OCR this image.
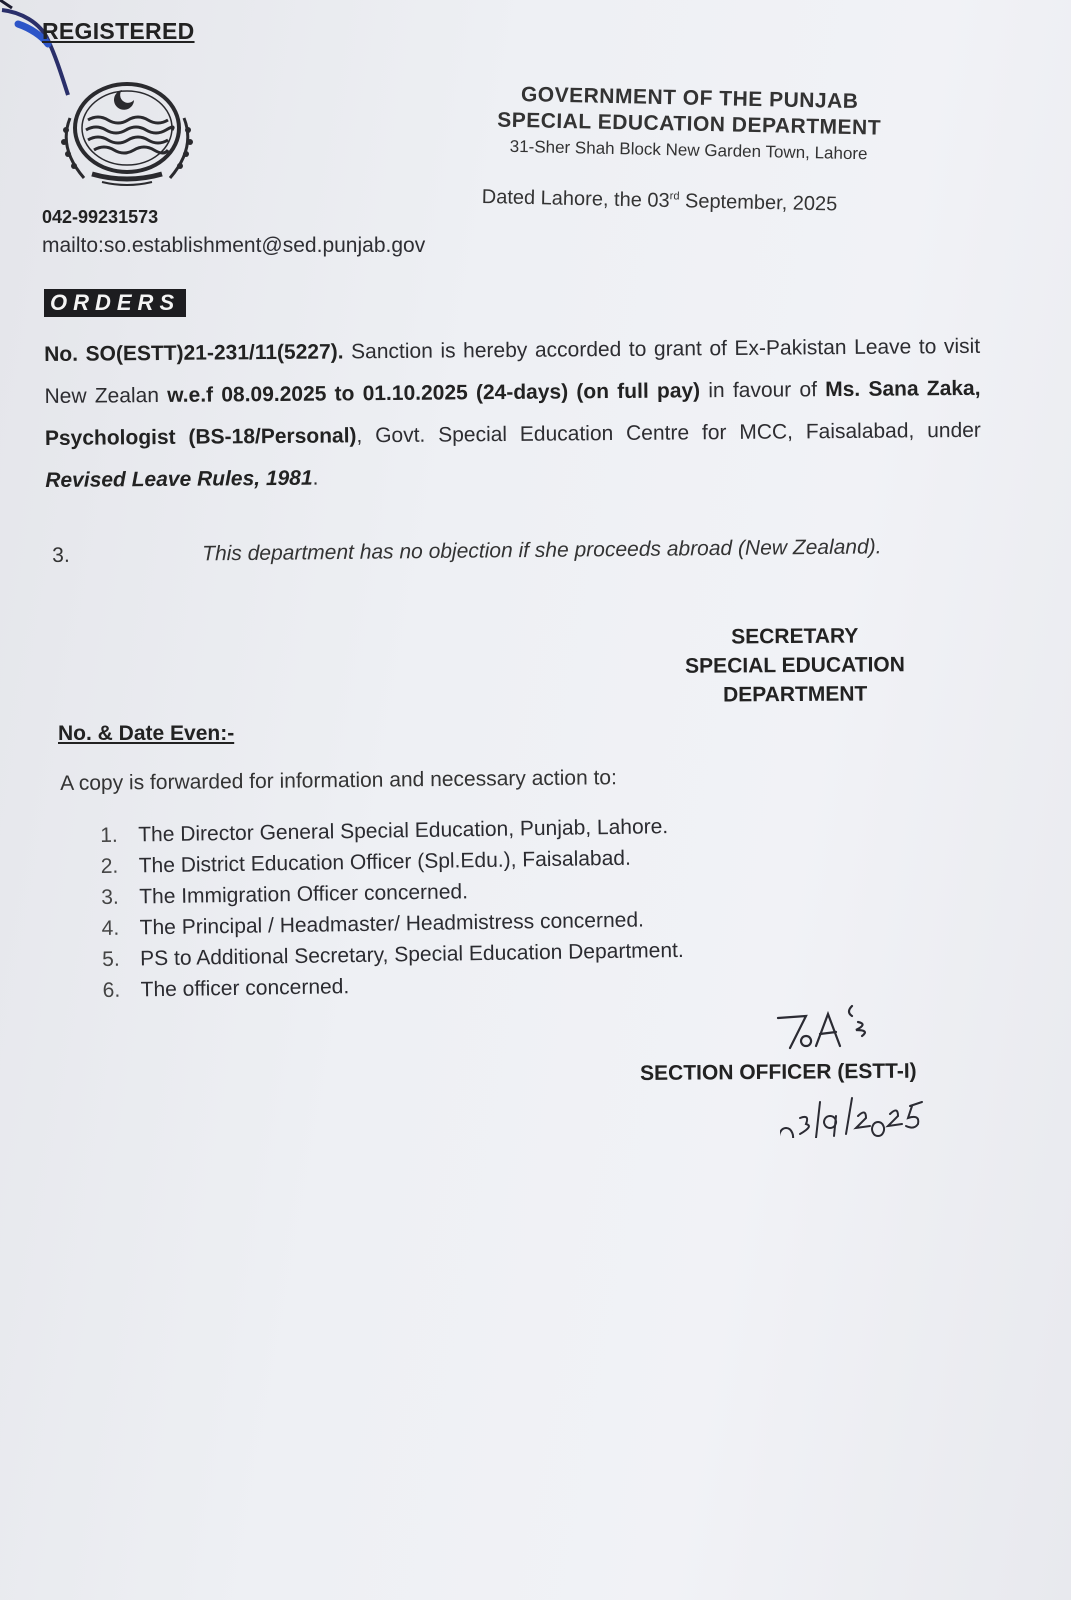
REGISTERED
GOVERNMENT OF THE PUNJAB
SPECIAL EDUCATION DEPARTMENT
31-Sher Shah Block New Garden Town, Lahore
Dated Lahore, the 03rd September, 2025
042-99231573
mailto:so.establishment@sed.punjab.gov
ORDERS
No. SO(ESTT)21-231/11(5227). Sanction is hereby accorded to grant of Ex-Pakistan Leave to visit New Zealan w.e.f 08.09.2025 to 01.10.2025 (24-days) (on full pay) in favour of Ms. Sana Zaka, Psychologist (BS-18/Personal), Govt. Special Education Centre for MCC, Faisalabad, under Revised Leave Rules, 1981.
3.	This department has no objection if she proceeds abroad (New Zealand).
SECRETARY
SPECIAL EDUCATION
DEPARTMENT
No. & Date Even:-
A copy is forwarded for information and necessary action to:
1. The Director General Special Education, Punjab, Lahore.
2. The District Education Officer (Spl.Edu.), Faisalabad.
3. The Immigration Officer concerned.
4. The Principal / Headmaster/ Headmistress concerned.
5. PS to Additional Secretary, Special Education Department.
6. The officer concerned.
SECTION OFFICER (ESTT-I)
